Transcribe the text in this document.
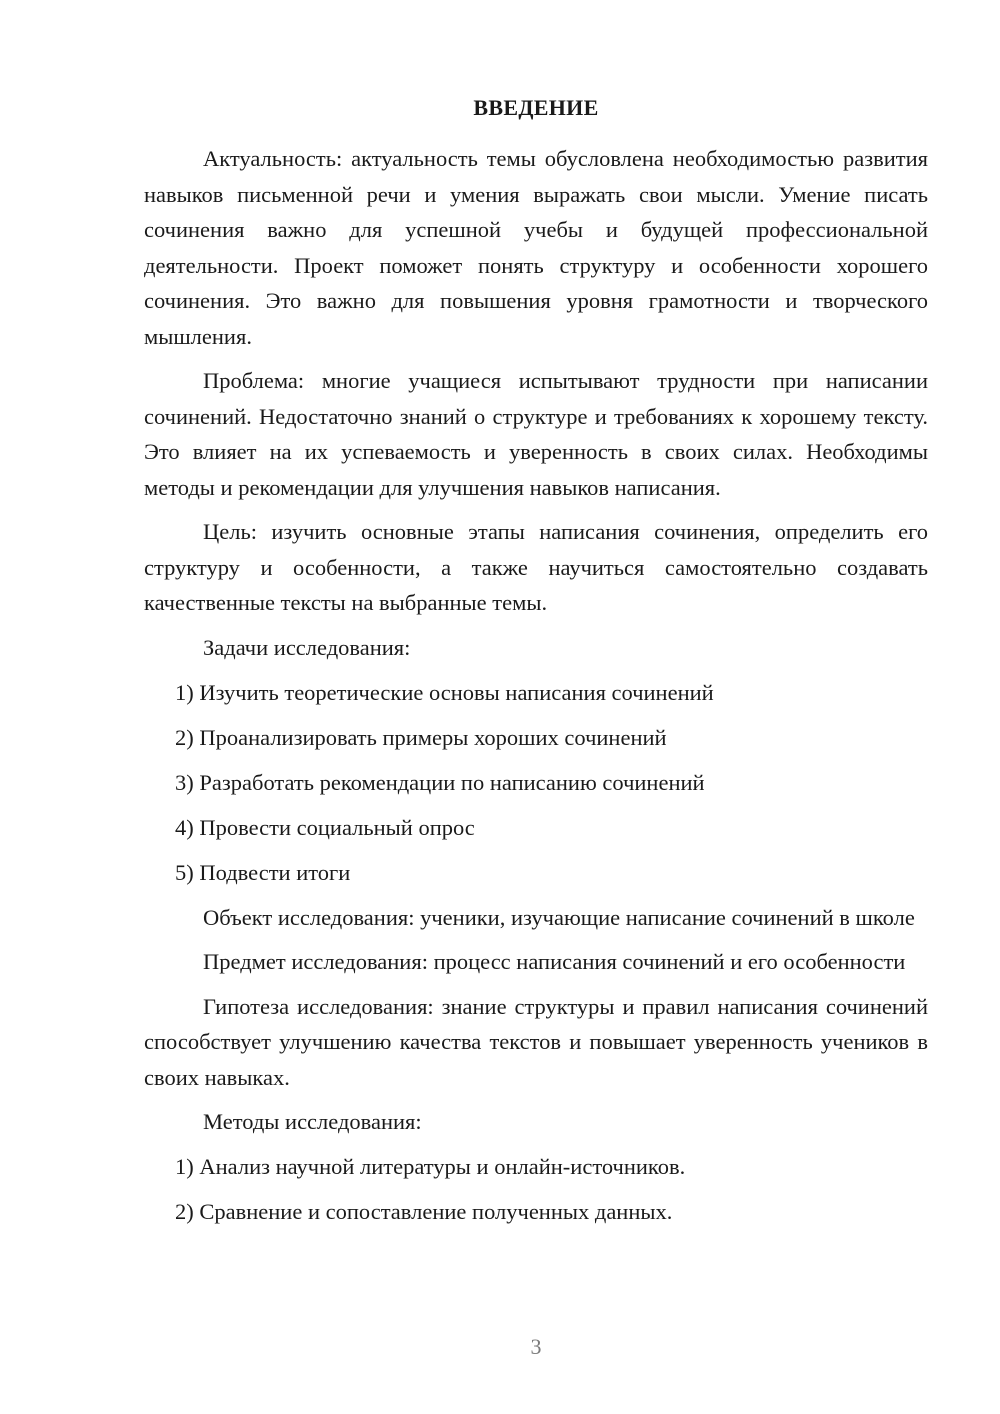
ВВЕДЕНИЕ

Актуальность: актуальность темы обусловлена необходимостью развития навыков письменной речи и умения выражать свои мысли. Умение писать сочинения важно для успешной учебы и будущей профессиональной деятельности. Проект поможет понять структуру и особенности хорошего сочинения. Это важно для повышения уровня грамотности и творческого мышления.

Проблема: многие учащиеся испытывают трудности при написании сочинений. Недостаточно знаний о структуре и требованиях к хорошему тексту. Это влияет на их успеваемость и уверенность в своих силах. Необходимы методы и рекомендации для улучшения навыков написания.

Цель: изучить основные этапы написания сочинения, определить его структуру и особенности, а также научиться самостоятельно создавать качественные тексты на выбранные темы.

Задачи исследования:
1) Изучить теоретические основы написания сочинений
2) Проанализировать примеры хороших сочинений
3) Разработать рекомендации по написанию сочинений
4) Провести социальный опрос
5) Подвести итоги

Объект исследования: ученики, изучающие написание сочинений в школе

Предмет исследования: процесс написания сочинений и его особенности

Гипотеза исследования: знание структуры и правил написания сочинений способствует улучшению качества текстов и повышает уверенность учеников в своих навыках.

Методы исследования:
1) Анализ научной литературы и онлайн-источников.
2) Сравнение и сопоставление полученных данных.
3
